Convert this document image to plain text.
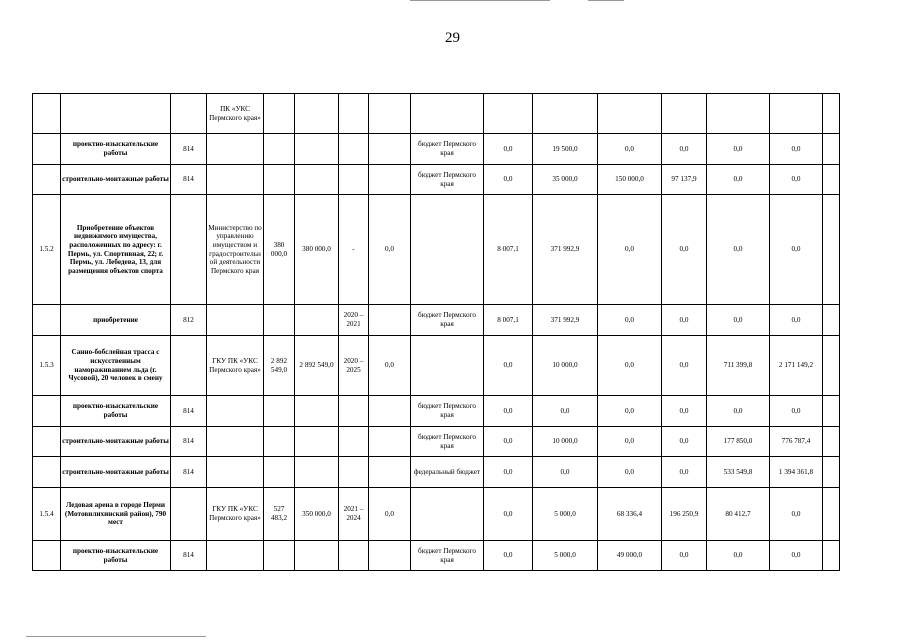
29
			ПК «УКС Пермского края»												
	проектно-изыскательские работы	814						бюджет Пермского края	0,0	19 500,0	0,0	0,0	0,0	0,0	
	строительно-монтажные работы	814						бюджет Пермского края	0,0	35 000,0	150 000,0	97 137,9	0,0	0,0	
1.5.2	Приобретение объектов недвижимого имущества, расположенных по адресу: г. Пермь, ул. Спортивная, 22; г. Пермь, ул. Лебедева, 13, для размещения объектов спорта		Министерство по управлению имуществом и градостроительной деятельности Пермского края	380 000,0	380 000,0	-	0,0		8 007,1	371 992,9	0,0	0,0	0,0	0,0	
	приобретение	812				2020 – 2021		бюджет Пермского края	8 007,1	371 992,9	0,0	0,0	0,0	0,0	
1.5.3	Санно-бобслейная трасса с искусственным намораживанием льда (г. Чусовой), 20 человек в смену		ГКУ ПК «УКС Пермского края»	2 892 549,0	2 892 549,0	2020 – 2025	0,0		0,0	10 000,0	0,0	0,0	711 399,8	2 171 149,2	
	проектно-изыскательские работы	814						бюджет Пермского края	0,0	0,0	0,0	0,0	0,0	0,0	
	строительно-монтажные работы	814						бюджет Пермского края	0,0	10 000,0	0,0	0,0	177 850,0	776 787,4	
	строительно-монтажные работы	814						федеральный бюджет	0,0	0,0	0,0	0,0	533 549,8	1 394 361,8	
1.5.4	Ледовая арена в городе Перми (Мотовилихинский район), 790 мест		ГКУ ПК «УКС Пермского края»	527 483,2	350 000,0	2021 – 2024	0,0		0,0	5 000,0	68 336,4	196 250,9	80 412,7	0,0	
	проектно-изыскательские работы	814						бюджет Пермского края	0,0	5 000,0	49 000,0	0,0	0,0	0,0	
